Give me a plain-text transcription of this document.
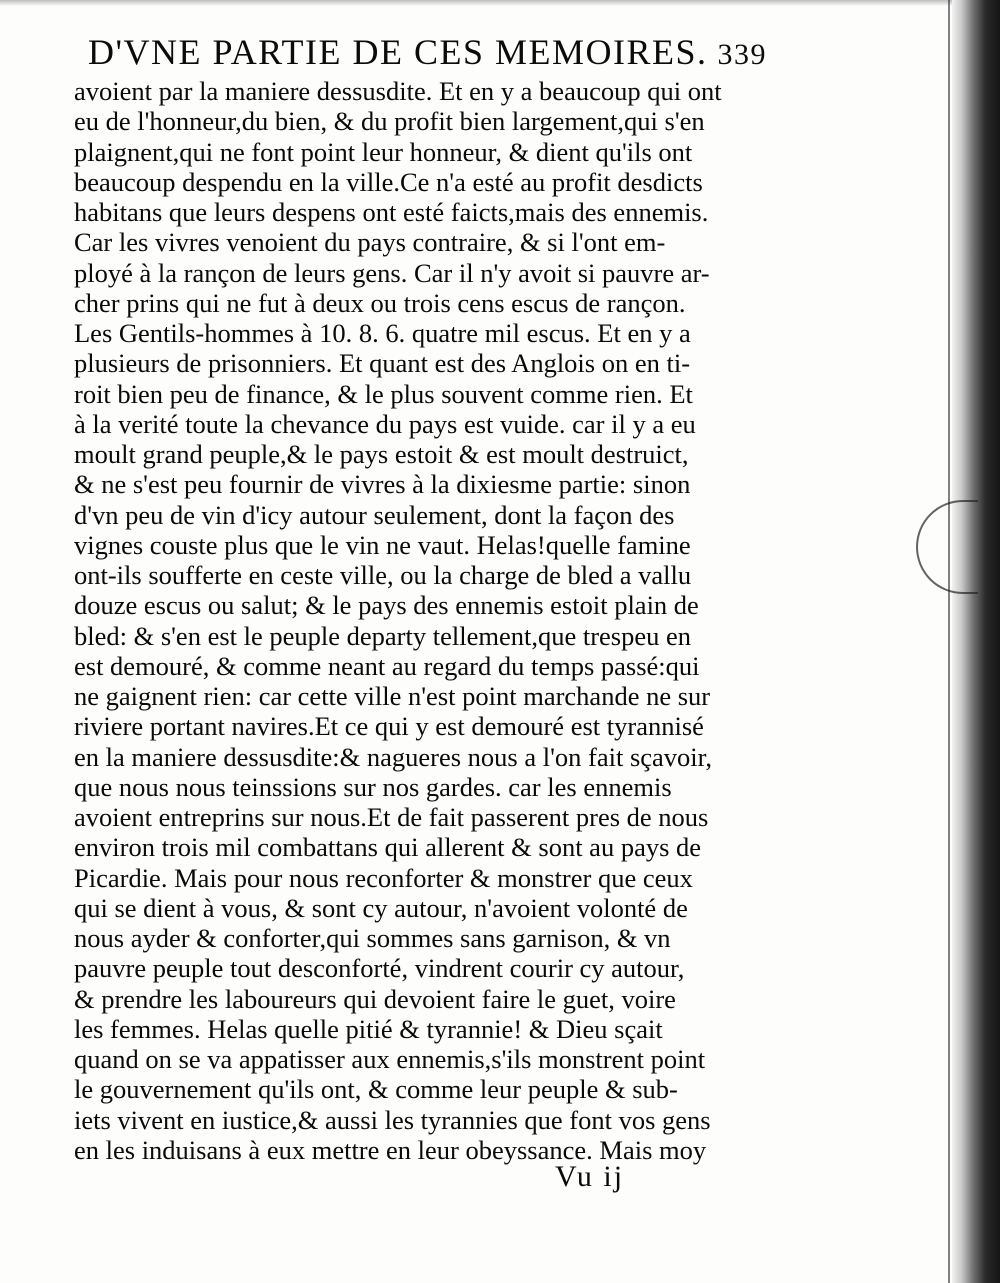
D'VNE PARTIE DE CES MEMOIRES. 339
avoient par la maniere dessusdite. Et en y a beaucoup qui ont
eu de l'honneur,du bien, & du profit bien largement,qui s'en
plaignent,qui ne font point leur honneur, & dient qu'ils ont
beaucoup despendu en la ville.Ce n'a esté au profit desdicts
habitans que leurs despens ont esté faicts,mais des ennemis.
Car les vivres venoient du pays contraire, & si l'ont em-
ployé à la rançon de leurs gens. Car il n'y avoit si pauvre ar-
cher prins qui ne fut à deux ou trois cens escus de rançon.
Les Gentils-hommes à 10. 8. 6. quatre mil escus. Et en y a
plusieurs de prisonniers. Et quant est des Anglois on en ti-
roit bien peu de finance, & le plus souvent comme rien. Et
à la verité toute la chevance du pays est vuide. car il y a eu
moult grand peuple,& le pays estoit & est moult destruict,
& ne s'est peu fournir de vivres à la dixiesme partie: sinon
d'vn peu de vin d'icy autour seulement, dont la façon des
vignes couste plus que le vin ne vaut. Helas!quelle famine
ont-ils soufferte en ceste ville, ou la charge de bled a vallu
douze escus ou salut; & le pays des ennemis estoit plain de
bled: & s'en est le peuple departy tellement,que trespeu en
est demouré, & comme neant au regard du temps passé:qui
ne gaignent rien: car cette ville n'est point marchande ne sur
riviere portant navires.Et ce qui y est demouré est tyrannisé
en la maniere dessusdite:& nagueres nous a l'on fait sçavoir,
que nous nous teinssions sur nos gardes. car les ennemis
avoient entreprins sur nous.Et de fait passerent pres de nous
environ trois mil combattans qui allerent & sont au pays de
Picardie. Mais pour nous reconforter & monstrer que ceux
qui se dient à vous, & sont cy autour, n'avoient volonté de
nous ayder & conforter,qui sommes sans garnison, & vn
pauvre peuple tout desconforté, vindrent courir cy autour,
& prendre les laboureurs qui devoient faire le guet, voire
les femmes. Helas quelle pitié & tyrannie! & Dieu sçait
quand on se va appatisser aux ennemis,s'ils monstrent point
le gouvernement qu'ils ont, & comme leur peuple & sub-
iets vivent en iustice,& aussi les tyrannies que font vos gens
en les induisans à eux mettre en leur obeyssance. Mais moy
Vu ij
